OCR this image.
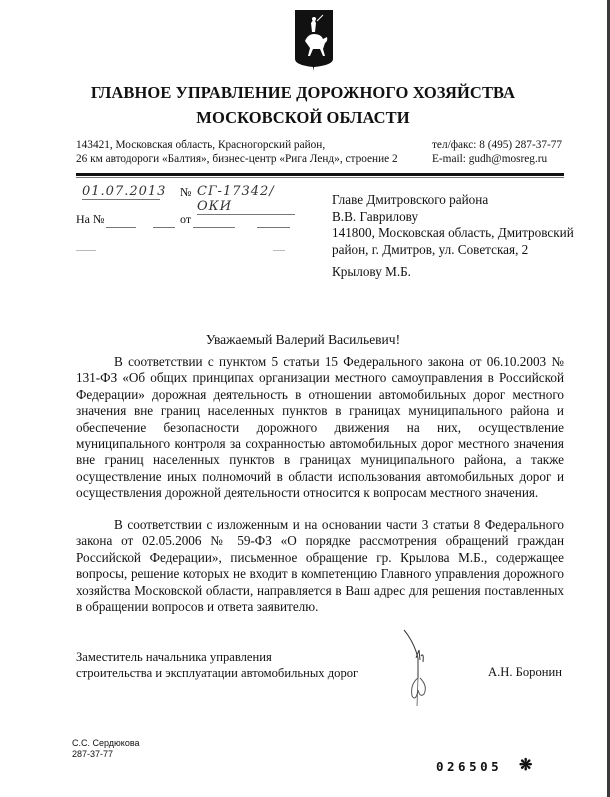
ГЛАВНОЕ УПРАВЛЕНИЕ ДОРОЖНОГО ХОЗЯЙСТВА
МОСКОВСКОЙ ОБЛАСТИ
143421, Московская область, Красногорский район,
26 км автодороги «Балтия», бизнес-центр «Рига Ленд», строение 2
тел/факс: 8 (495) 287-37-77
E-mail: gudh@mosreg.ru
01.07.2013 № СГ-17342/ОКИ
На №	от
Главе Дмитровского района
В.В. Гаврилову
141800, Московская область, Дмитровский
район, г. Дмитров, ул. Советская, 2
Крылову М.Б.
Уважаемый Валерий Васильевич!

В соответствии с пунктом 5 статьи 15 Федерального закона от 06.10.2003 № 131-ФЗ «Об общих принципах организации местного самоуправления в Российской Федерации» дорожная деятельность в отношении автомобильных дорог местного значения вне границ населенных пунктов в границах муниципального района и обеспечение безопасности дорожного движения на них, осуществление муниципального контроля за сохранностью автомобильных дорог местного значения вне границ населенных пунктов в границах муниципального района, а также осуществление иных полномочий в области использования автомобильных дорог и осуществления дорожной деятельности относится к вопросам местного значения.

В соответствии с изложенным и на основании части 3 статьи 8 Федерального закона от 02.05.2006 № 59-ФЗ «О порядке рассмотрения обращений граждан Российской Федерации», письменное обращение гр. Крылова М.Б., содержащее вопросы, решение которых не входит в компетенцию Главного управления дорожного хозяйства Московской области, направляется в Ваш адрес для решения поставленных в обращении вопросов и ответа заявителю.

Заместитель начальника управления
строительства и эксплуатации автомобильных дорог	А.Н. Боронин
С.С. Сердюкова
287-37-77
026505 ❋
